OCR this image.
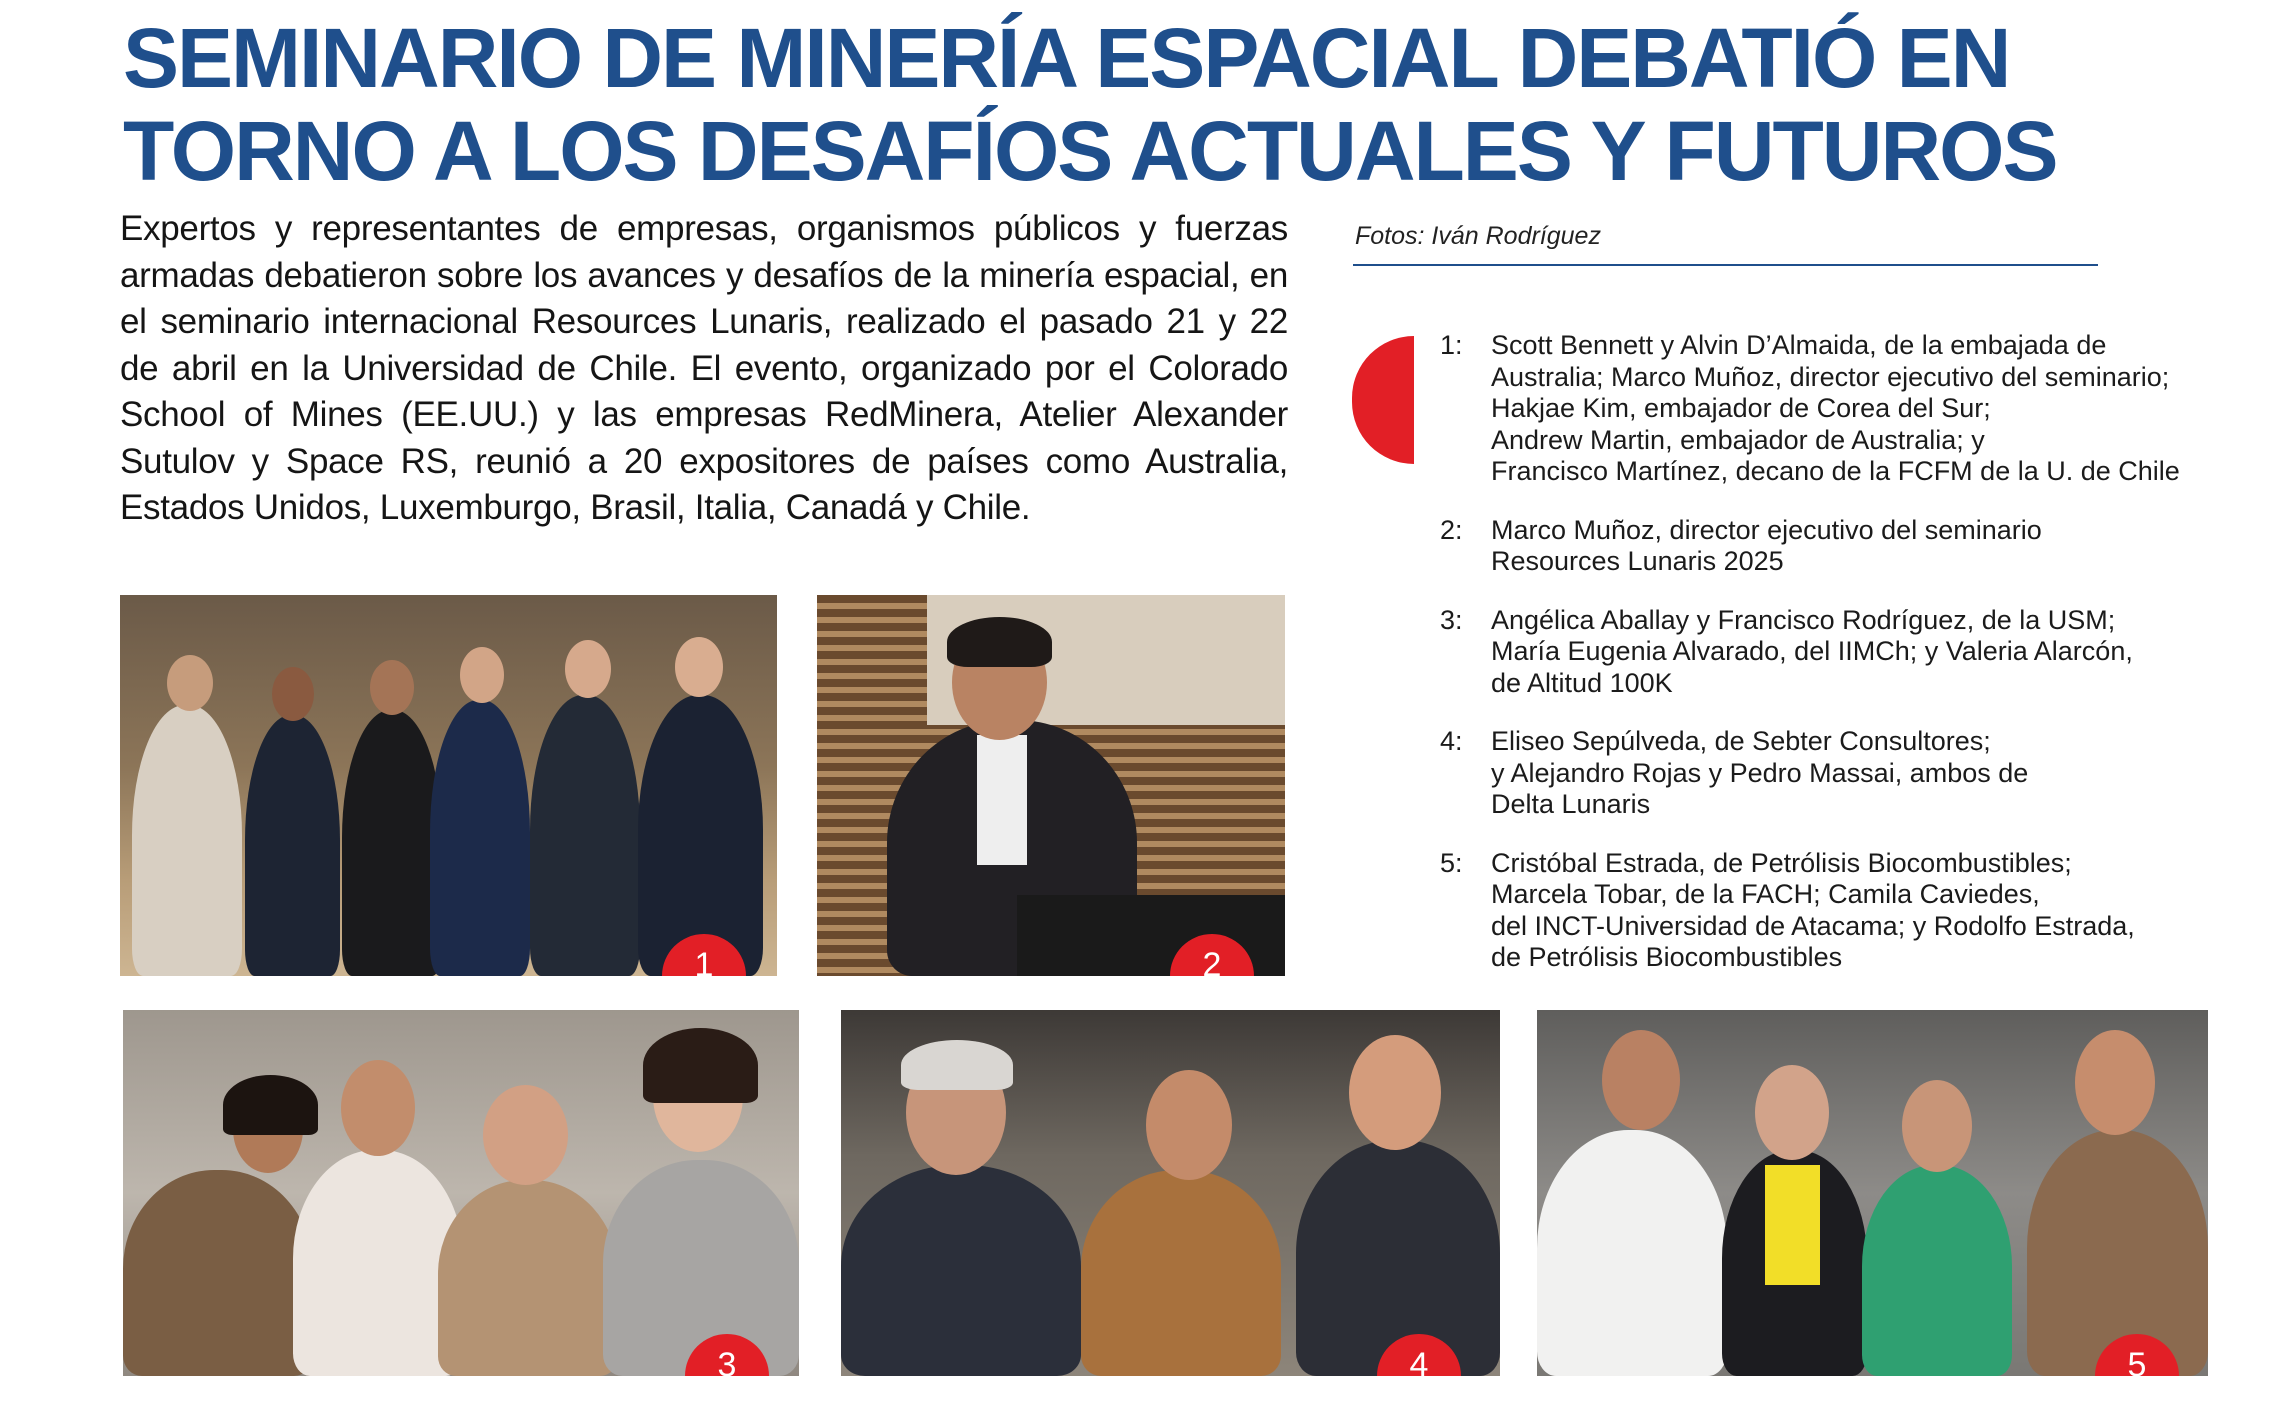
SEMINARIO DE MINERÍA ESPACIAL DEBATIÓ EN
TORNO A LOS DESAFÍOS ACTUALES Y FUTUROS

Expertos y representantes de empresas, organismos públicos y fuerzas armadas debatieron sobre los avances y desafíos de la minería espacial, en el seminario internacional Resources Lunaris, realizado el pasado 21 y 22 de abril en la Universidad de Chile. El evento, organizado por el Colorado School of Mines (EE.UU.) y las empresas RedMinera, Atelier Alexander Sutulov y Space RS, reunió a 20 expositores de países como Australia, Estados Unidos, Luxemburgo, Brasil, Italia, Canadá y Chile.

Fotos: Iván Rodríguez
1:	Scott Bennett y Alvin D’Almaida, de la embajada de
Australia; Marco Muñoz, director ejecutivo del seminario;
Hakjae Kim, embajador de Corea del Sur;
Andrew Martin, embajador de Australia; y
Francisco Martínez, decano de la FCFM de la U. de Chile
2:	Marco Muñoz, director ejecutivo del seminario
Resources Lunaris 2025
3:	Angélica Aballay y Francisco Rodríguez, de la USM;
María Eugenia Alvarado, del IIMCh; y Valeria Alarcón,
de Altitud 100K
4:	Eliseo Sepúlveda, de Sebter Consultores;
y Alejandro Rojas y Pedro Massai, ambos de
Delta Lunaris
5:	Cristóbal Estrada, de Petrólisis Biocombustibles;
Marcela Tobar, de la FACH; Camila Caviedes,
del INCT-Universidad de Atacama; y Rodolfo Estrada,
de Petrólisis Biocombustibles
1	2
3	4	5
